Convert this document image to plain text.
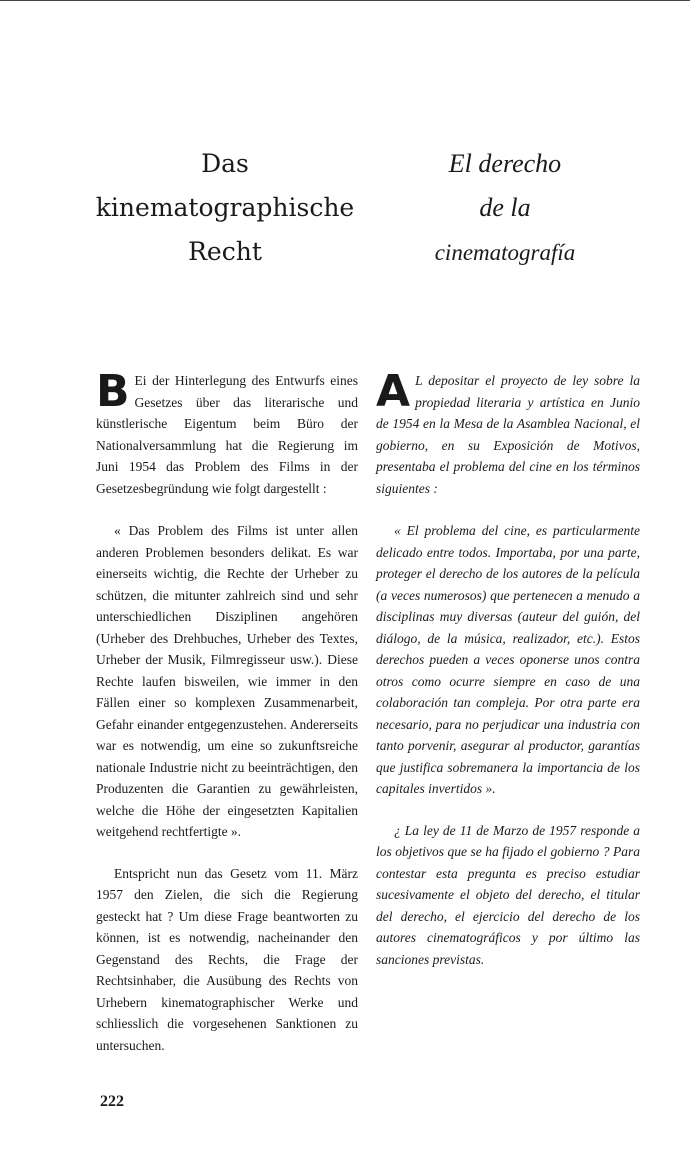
Das
kinematographische
Recht
El derecho
de la
cinematografía

B Ei der Hinterlegung des Entwurfs eines Gesetzes über das literarische und künstlerische Eigentum beim Büro der Nationalversammlung hat die Regierung im Juni 1954 das Problem des Films in der Gesetzesbegründung wie folgt dargestellt :

« Das Problem des Films ist unter allen anderen Problemen besonders delikat. Es war einerseits wichtig, die Rechte der Urheber zu schützen, die mitunter zahlreich sind und sehr unterschiedlichen Disziplinen angehören (Urheber des Drehbuches, Urheber des Textes, Urheber der Musik, Filmregisseur usw.). Diese Rechte laufen bisweilen, wie immer in den Fällen einer so komplexen Zusammenarbeit, Gefahr einander entgegenzustehen. Andererseits war es notwendig, um eine so zukunftsreiche nationale Industrie nicht zu beeinträchtigen, den Produzenten die Garantien zu gewährleisten, welche die Höhe der eingesetzten Kapitalien weitgehend rechtfertigte ».

Entspricht nun das Gesetz vom 11. März 1957 den Zielen, die sich die Regierung gesteckt hat ? Um diese Frage beantworten zu können, ist es notwendig, nacheinander den Gegenstand des Rechts, die Frage der Rechtsinhaber, die Ausübung des Rechts von Urhebern kinematographischer Werke und schliesslich die vorgesehenen Sanktionen zu untersuchen.

A L depositar el proyecto de ley sobre la propiedad literaria y artística en Junio de 1954 en la Mesa de la Asamblea Nacional, el gobierno, en su Exposición de Motivos, presentaba el problema del cine en los términos siguientes :

« El problema del cine, es particularmente delicado entre todos. Importaba, por una parte, proteger el derecho de los autores de la película (a veces numerosos) que pertenecen a menudo a disciplinas muy diversas (auteur del guión, del diálogo, de la música, realizador, etc.). Estos derechos pueden a veces oponerse unos contra otros como ocurre siempre en caso de una colaboración tan compleja. Por otra parte era necesario, para no perjudicar una industria con tanto porvenir, asegurar al productor, garantías que justifica sobremanera la importancia de los capitales invertidos ».

¿ La ley de 11 de Marzo de 1957 responde a los objetivos que se ha fijado el gobierno ? Para contestar esta pregunta es preciso estudiar sucesivamente el objeto del derecho, el titular del derecho, el ejercicio del derecho de los autores cinematográficos y por último las sanciones previstas.

222
